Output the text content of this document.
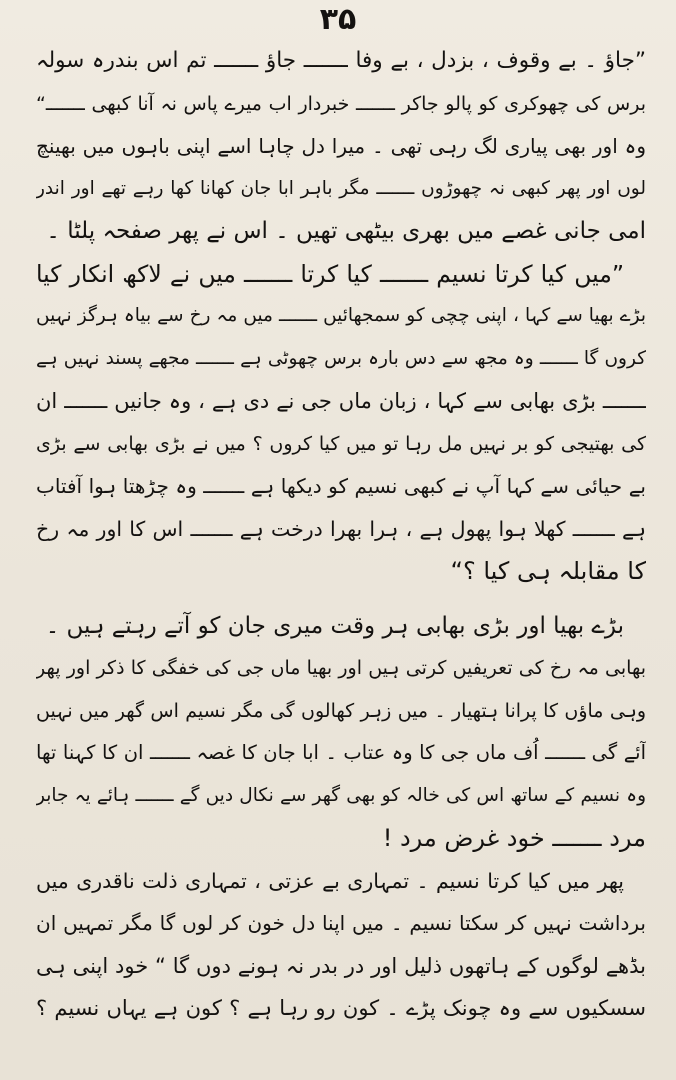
۳۵
”جاؤ ۔ بے وقوف ، بزدل ، بے وفا ـــــــ جاؤ ـــــــ تم اس بندرہ سولہ
برس کی چھوکری کو پالو جاکر ـــــــ خبردار اب میرے پاس نہ آنا کبھی ـــــــ“
وہ اور بھی پیاری لگ رہی تھی ۔ میرا دل چاہا اسے اپنی باہوں میں بھینچ
لوں اور پھر کبھی نہ چھوڑوں ـــــــ مگر باہر ابا جان کھانا کھا رہے تھے اور اندر
امی جانی غصے میں بھری بیٹھی تھیں ۔ اس نے پھر صفحہ پلٹا ۔
”میں کیا کرتا نسیم ـــــــ کیا کرتا ـــــــ میں نے لاکھ انکار کیا
بڑے بھیا سے کہا ، اپنی چچی کو سمجھائیں ـــــــ میں مہ رخ سے بیاہ ہرگز نہیں
کروں گا ـــــــ وہ مجھ سے دس بارہ برس چھوٹی ہے ـــــــ مجھے پسند نہیں ہے
ـــــــ بڑی بھابی سے کہا ، زبان ماں جی نے دی ہے ، وہ جانیں ـــــــ ان
کی بھتیجی کو بر نہیں مل رہا تو میں کیا کروں ؟ میں نے بڑی بھابی سے بڑی
بے حیائی سے کہا آپ نے کبھی نسیم کو دیکھا ہے ـــــــ وہ چڑھتا ہوا آفتاب
ہے ـــــــ کھلا ہوا پھول ہے ، ہرا بھرا درخت ہے ـــــــ اس کا اور مہ رخ
کا مقابلہ ہی کیا ؟“
بڑے بھیا اور بڑی بھابی ہر وقت میری جان کو آتے رہتے ہیں ۔
بھابی مہ رخ کی تعریفیں کرتی ہیں اور بھیا ماں جی کی خفگی کا ذکر اور پھر
وہی ماؤں کا پرانا ہتھیار ۔ میں زہر کھالوں گی مگر نسیم اس گھر میں نہیں
آئے گی ـــــــ اُف ماں جی کا وہ عتاب ۔ ابا جان کا غصہ ـــــــ ان کا کہنا تھا
وہ نسیم کے ساتھ اس کی خالہ کو بھی گھر سے نکال دیں گے ـــــــ ہائے یہ جابر
مرد ـــــــ خود غرض مرد !
پھر میں کیا کرتا نسیم ۔ تمہاری بے عزتی ، تمہاری ذلت ناقدری میں
برداشت نہیں کر سکتا نسیم ۔ میں اپنا دل خون کر لوں گا مگر تمہیں ان
بڈھے لوگوں کے ہاتھوں ذلیل اور در بدر نہ ہونے دوں گا “ خود اپنی ہی
سسکیوں سے وہ چونک پڑے ۔ کون رو رہا ہے ؟ کون ہے یہاں نسیم ؟
